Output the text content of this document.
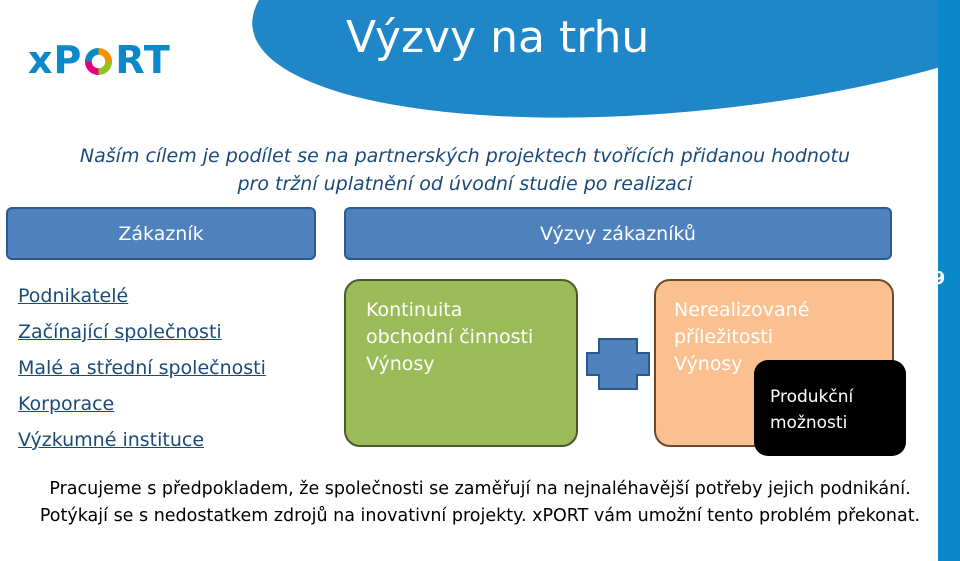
Výzvy na trhu
xP RT
Naším cílem je podílet se na partnerských projektech tvořících přidanou hodnotu
pro tržní uplatnění od úvodní studie po realizaci
Zákazník	Výzvy zákazníků
Podnikatelé
Začínající společnosti
Malé a střední společnosti
Korporace
Výzkumné instituce
Kontinuita
obchodní činnosti
Výnosy
Nerealizované
příležitosti
Výnosy
Produkční
možnosti
9
Pracujeme s předpokladem, že společnosti se zaměřují na nejnaléhavější potřeby jejich podnikání.
Potýkají se s nedostatkem zdrojů na inovativní projekty. xPORT vám umožní tento problém překonat.
